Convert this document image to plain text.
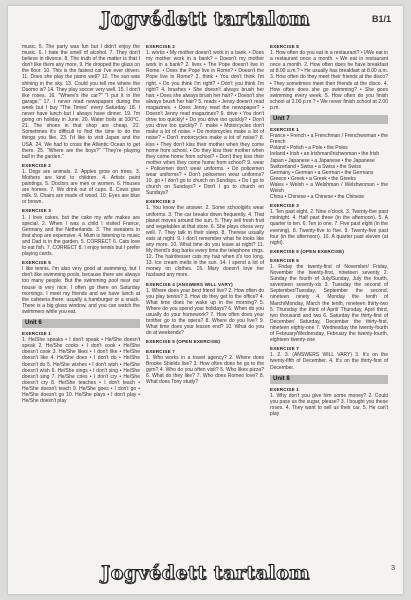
Jogvédett tartalom	B1/1
music. 5. The party was fun but I didn't enjoy the music. 6. I hate the smell of alcohol. 7. They don't believe in divorce. 8. The truth of the matter is that I don't like them any more. 9. He dropped the glass on the floor. 10. This is the fastest car I've ever driven. 11. Does she play the piano well? 12. The sun was shining in the sky. 13. Could you tell me where the Duomo is? 14. They play soccer very well. 15. I don't like roses. 16. "Where's the car?" "I put it in the garage." 17. I never read newspapers during the week but I buy "The Times" every Saturday. 18. I never have lunch but I always have dinner. 19. I'm going on holiday in June. 20. Water boils at 100°C. 21. The shoes in that shop are cheap. 22. Sometimes it's difficult to find the time to do the things you like. 23. I'd like to visit Japan and the USA. 24. We had to cross the Atlantic Ocean to get there. 25. "Where are the boys?" "They're playing ball in the garden."
EXERCISE 2
1. Dogs are animals. 2. Apples grow on trees. 3. Mothers are kind to children. 4. Artists paint paintings. 5. Doctors are men or women. 6. Houses are homes. 7. We drink out of cups. 8. Cows give milk. 9. Chairs are made of wood. 10. Eyes are blue or brown.
EXERCISE 3
1. I love cakes, but the cake my wife makes are special. 2. When I was a child I visited France, Germany and the Netherlands. 3. The sweaters in that shop are expensive. 4. Mum is listening to music and Dad is in the garden. 5. CORRECT 6. Cats love to eat fish. 7. CORRECT 8. I enjoy tennis but I prefer playing cards.
EXERCISE 5
I like tennis. I'm also very good at swimming, but I don't like swimming pools, because there are always too many people. But the swimming pool near our house is very nice. I often go there on Saturday mornings. I meet my friends and we have lunch at the cafeteria there: usually a hamburger or a snack. There is a big glass window, and you can watch the swimmers while you eat.
Unit 6
EXERCISE 1
1. He/She speaks • I don't speak • He/She doesn't speak 2. He/She cooks • I don't cook • He/She doesn't cook 3. He/She likes • I don't like • He/She doesn't like 4. He/She does • I don't do • He/She doesn't do 5. He/She wishes • I don't wish • He/She doesn't wish 6. He/She sings • I don't sing • He/She doesn't sing 7. He/She cries • I don't cry • He/She doesn't cry 8. He/She teaches • I don't teach • He/She doesn't teach 9. He/She goes • I don't go • He/She doesn't go 10. He/She plays • I don't play • He/She doesn't play
EXERCISE 2
1. works • My mother doesn't work in a bank. • Does my mother work in a bank? • Doesn't my mother work in a bank? 2. lives • The Pope doesn't live in Rome. • Does the Pope live in Rome? • Doesn't the Pope live in Rome? 3. think • You don't think I'm right. • Do you think I'm right? • Don't you think I'm right? 4. brushes • She doesn't always brush her hair. • Does she always brush her hair? • Doesn't she always brush her hair? 5. reads • Jenny doesn't read magazines. • Does Jenny read the newspaper? • Doesn't Jenny read magazines? 6. drive • You don't drive too quickly! • Do you drive too quickly? • Don't you drive too quickly? 7. make • Motorcycles don't make a lot of noise. • Do motorcycles make a lot of noise? • Don't motorcycles make a lot of noise? 8. kiss • They don't kiss their mother when they come home from school. • Do they kiss their mother when they come home from school? • Don't they kiss their mother when they come home from school? 9. wear • Policemen don't wear uniforms. • Do policemen wear uniforms? • Don't policemen wear uniforms? 10. go • I don't go to church on Sundays. • Do I go to church on Sundays? • Don't I go to church on Sundays?
EXERCISE 3
1. You know the answer. 2. Some schoolgirls wear uniforms. 3. The car breaks down frequently. 4. That planet moves around the sun. 5. They sell fresh fruit and vegetables at that store. 6. She plays chess very well. 7. They talk in their sleep. 8. Therese usually eats at night. 9. I don't remember what he looks like any more. 10. What time do you leave at night? 11. My friend's dog barks every time the telephone rings. 12. The hairdresser cuts my hair when it's too long. 13. Ice cream melts in the sun. 14. I spend a lot of money on clothes. 15. Mary doesn't love her husband any more.
EXERCISE 4 (ANSWERS WILL VARY)
1. Where does your best friend live? 2. How often do you play tennis? 3. How do they get to the office? 4. What time does he wake up in the morning? 5. Where do you spend your holidays? 6. When do you usually do your homework? 7. How often does your brother go to the opera? 8. Where do you live? 9. What time does your lesson end? 10. What do you do at weekends?
EXERCISE 5 (OPEN EXERCISE)
EXERCISE 7
1. Who works in a travel agency? 2. Where does Brooke Shields live? 3. How often does he go to the gym? 4. Who do you often visit? 5. Who likes pizza? 6. What do they like? 7. Who does Romeo love? 8. What does Tony study?
EXERCISE 8
1. How often do you eat in a restaurant? • I/We eat in a restaurant once a month. • We eat in restaurant once a month. 2. How often does he have breakfast at 8.00 a.m.? • He usually has breakfast at 8.00 a.m. 3. How often do they meet their friends at the disco? • They sometimes meet their friends at the disco. 4. How often does she go swimming? • She goes swimming every week. 5. How often do you finish school at 2.00 p.m.? • We never finish school at 2.00 p.m.
Unit 7
EXERCISE 1
France • French • a Frenchman / Frenchwoman • the French
Poland • Polish • a Pole • the Poles
Ireland • Irish • an Irishman/Irishwoman • the Irish
Japan • Japanese • a Japanese • the Japanese
Switzerland • Swiss • a Swiss • the Swiss
Germany • German • a German • the Germans
Greece • Greek • a Greek • the Greeks
Wales • Welsh • a Welshman / Welshwoman • the Welsh
China • Chinese • a Chinese • the Chinese
EXERCISE 3
1. Ten past eight. 2. Nine o'clock. 3. Twenty-five past midnight. 4. Half past three (in the afternoon). 5. A quarter to ten. 6. Ten to one. 7. Five past eight (in the evening). 8. Twenty-five to five. 9. Twenty-five past four (in the afternoon). 10. A quarter past eleven (at night).
EXERCISE 5 (OPEN EXERCISE)
EXERCISE 6
1. Friday the twenty-first of November/ Friday, November the twenty-first, nineteen seventy 2. Sunday the fourth of July/Sunday, July the fourth, seventeen seventy-six 3. Tuesday the second of September/Tuesday, September the second, nineteen ninety 4. Monday the tenth of March/Monday, March the tenth, nineteen thirty-two 5. Thursday the third of April/ Thursday, April third, two thousand and two 6. Saturday the thirty-first of December/ Saturday, December the thirty-first, nineteen eighty-one 7. Wednesday the twenty-fourth of February/Wednesday, February the twenty-fourth, eighteen twenty-one
EXERCISE 7
1. 2. 3. (ANSWERS WILL VARY) 3. It's on the twenty-fifth of December. 4. It's on the thirty-first of December.
Unit 8
EXERCISE 1
1. Why don't you give him some money? 2. Could you pass us the sugar, please? 3. I bought you these roses. 4. They want to sell us their car. 5. He can't play
Jogvédett tartalom	3
